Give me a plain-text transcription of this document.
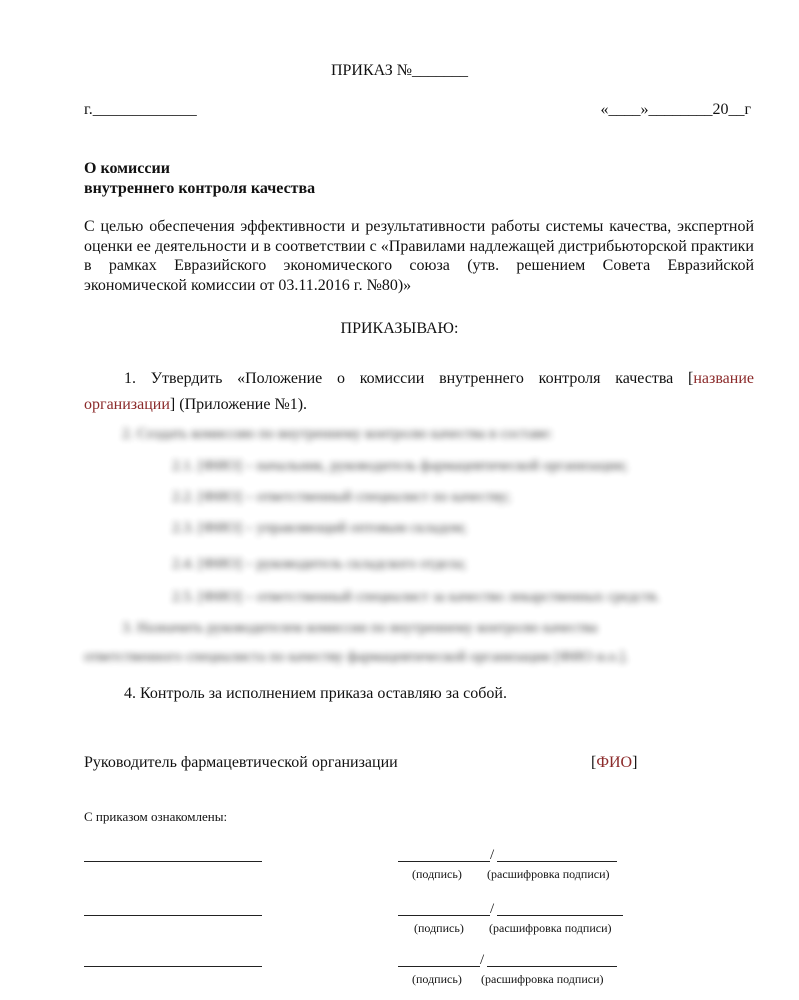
ПРИКАЗ №_______
г._____________	«____»________20__г
О комиссии
внутреннего контроля качества
С целью обеспечения эффективности и результативности работы системы качества, экспертной оценки ее деятельности и в соответствии с «Правилами надлежащей дистрибьюторской практики в рамках Евразийского экономического союза (утв. решением Совета Евразийской экономической комиссии от 03.11.2016 г. №80)»
ПРИКАЗЫВАЮ:
1. Утвердить «Положение о комиссии внутреннего контроля качества [название организации] (Приложение №1).
2. Создать комиссию по внутреннему контролю качества в составе:
2.1. [ФИО] – начальник, руководитель фармацевтической организации;
2.2. [ФИО] – ответственный специалист по качеству;
2.3. [ФИО] – управляющий оптовым складом;
2.4. [ФИО] – руководитель складского отдела;
2.5. [ФИО] – ответственный специалист за качество лекарственных средств.
3. Назначить руководителем комиссии по внутреннему контролю качества
ответственного специалиста по качеству фармацевтической организации [ФИО и.о.].
4. Контроль за исполнением приказа оставляю за собой.
Руководитель фармацевтической организации	[ФИО]
С приказом ознакомлены:
/
(подпись) (расшифровка подписи)
/
(подпись) (расшифровка подписи)
/
(подпись) (расшифровка подписи)
